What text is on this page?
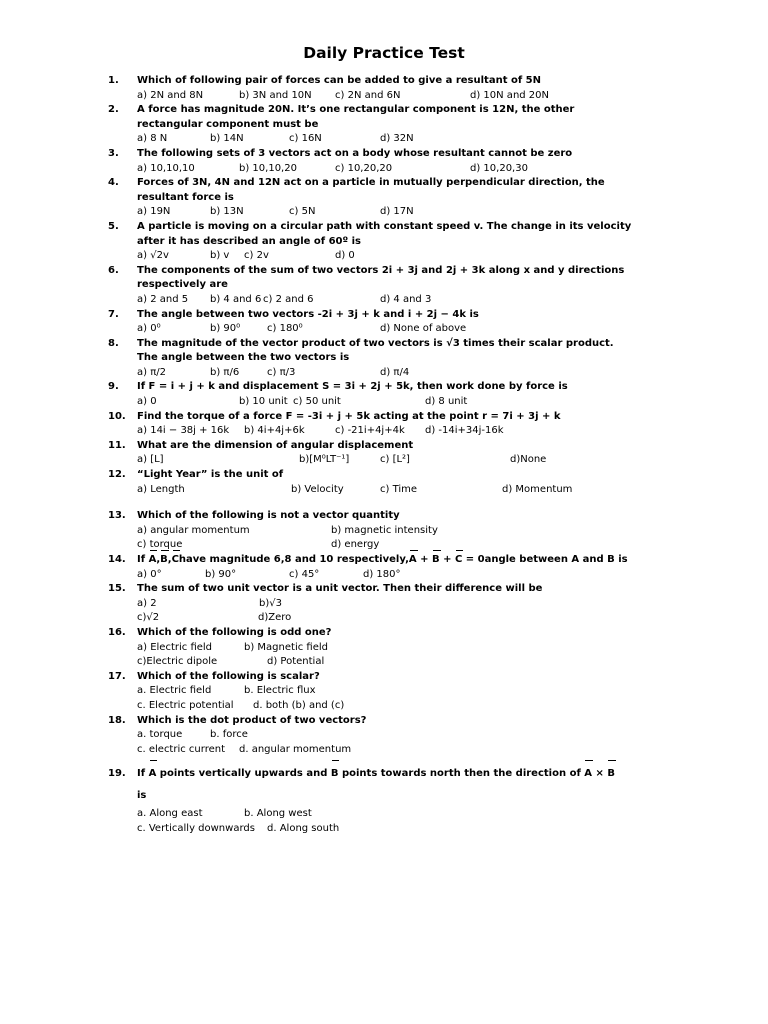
Daily Practice Test
1.	Which of following pair of forces can be added to give a resultant of 5N
a) 2N and 8N	b) 3N and 10N c) 2N and 6N	d) 10N and 20N
2.	A force has magnitude 20N. It’s one rectangular component is 12N, the other
rectangular component must be
a) 8 N	b) 14N	c) 16N	d) 32N
3.	The following sets of 3 vectors act on a body whose resultant cannot be zero
a) 10,10,10	b) 10,10,20	c) 10,20,20	d) 10,20,30
4.	Forces of 3N, 4N and 12N act on a particle in mutually perpendicular direction, the
resultant force is
a) 19N	b) 13N	c) 5N	d) 17N
5.	A particle is moving on a circular path with constant speed v. The change in its velocity
after it has described an angle of 60º is
a) √2v	b) v c) 2v	d) 0
6.	The components of the sum of two vectors 2i + 3j and 2j + 3k along x and y directions
respectively are
a) 2 and 5 b) 4 and 6 c) 2 and 6	d) 4 and 3
7.	The angle between two vectors -2i + 3j + k and i + 2j − 4k is
a) 0⁰	b) 90⁰	c) 180⁰	d) None of above
8.	The magnitude of the vector product of two vectors is √3 times their scalar product.
The angle between the two vectors is
a) π/2	b) π/6	c) π/3	d) π/4
9.	If F = i + j + k and displacement S = 3i + 2j + 5k, then work done by force is
a) 0	b) 10 unit c) 50 unit	d) 8 unit
10.	Find the torque of a force F = -3i + j + 5k acting at the point r = 7i + 3j + k
a) 14i − 38j + 16k b) 4i+4j+6k	c) -21i+4j+4k d) -14i+34j-16k
11.	What are the dimension of angular displacement
a) [L]	b)[M⁰LT⁻¹]	c) [L²]	d)None
12.	“Light Year” is the unit of
a) Length	b) Velocity	c) Time	d) Momentum
13.	Which of the following is not a vector quantity
a) angular momentum	b) magnetic intensity
c) torque	d) energy
14.	If A,B,Chave magnitude 6,8 and 10 respectively,A + B + C = 0angle between A and B is
a) 0°	b) 90°	c) 45°	d) 180°
15.	The sum of two unit vector is a unit vector. Then their difference will be
a) 2	b)√3
c)√2	d)Zero
16.	Which of the following is odd one?
a) Electric field	b) Magnetic field
c)Electric dipole	d) Potential
17.	Which of the following is scalar?
a. Electric field	b. Electric flux
c. Electric potential d. both (b) and (c)
18.	Which is the dot product of two vectors?
a. torque	b. force
c. electric current d. angular momentum
19.	If A points vertically upwards and B points towards north then the direction of A × B is
a. Along east	b. Along west
c. Vertically downwards d. Along south
